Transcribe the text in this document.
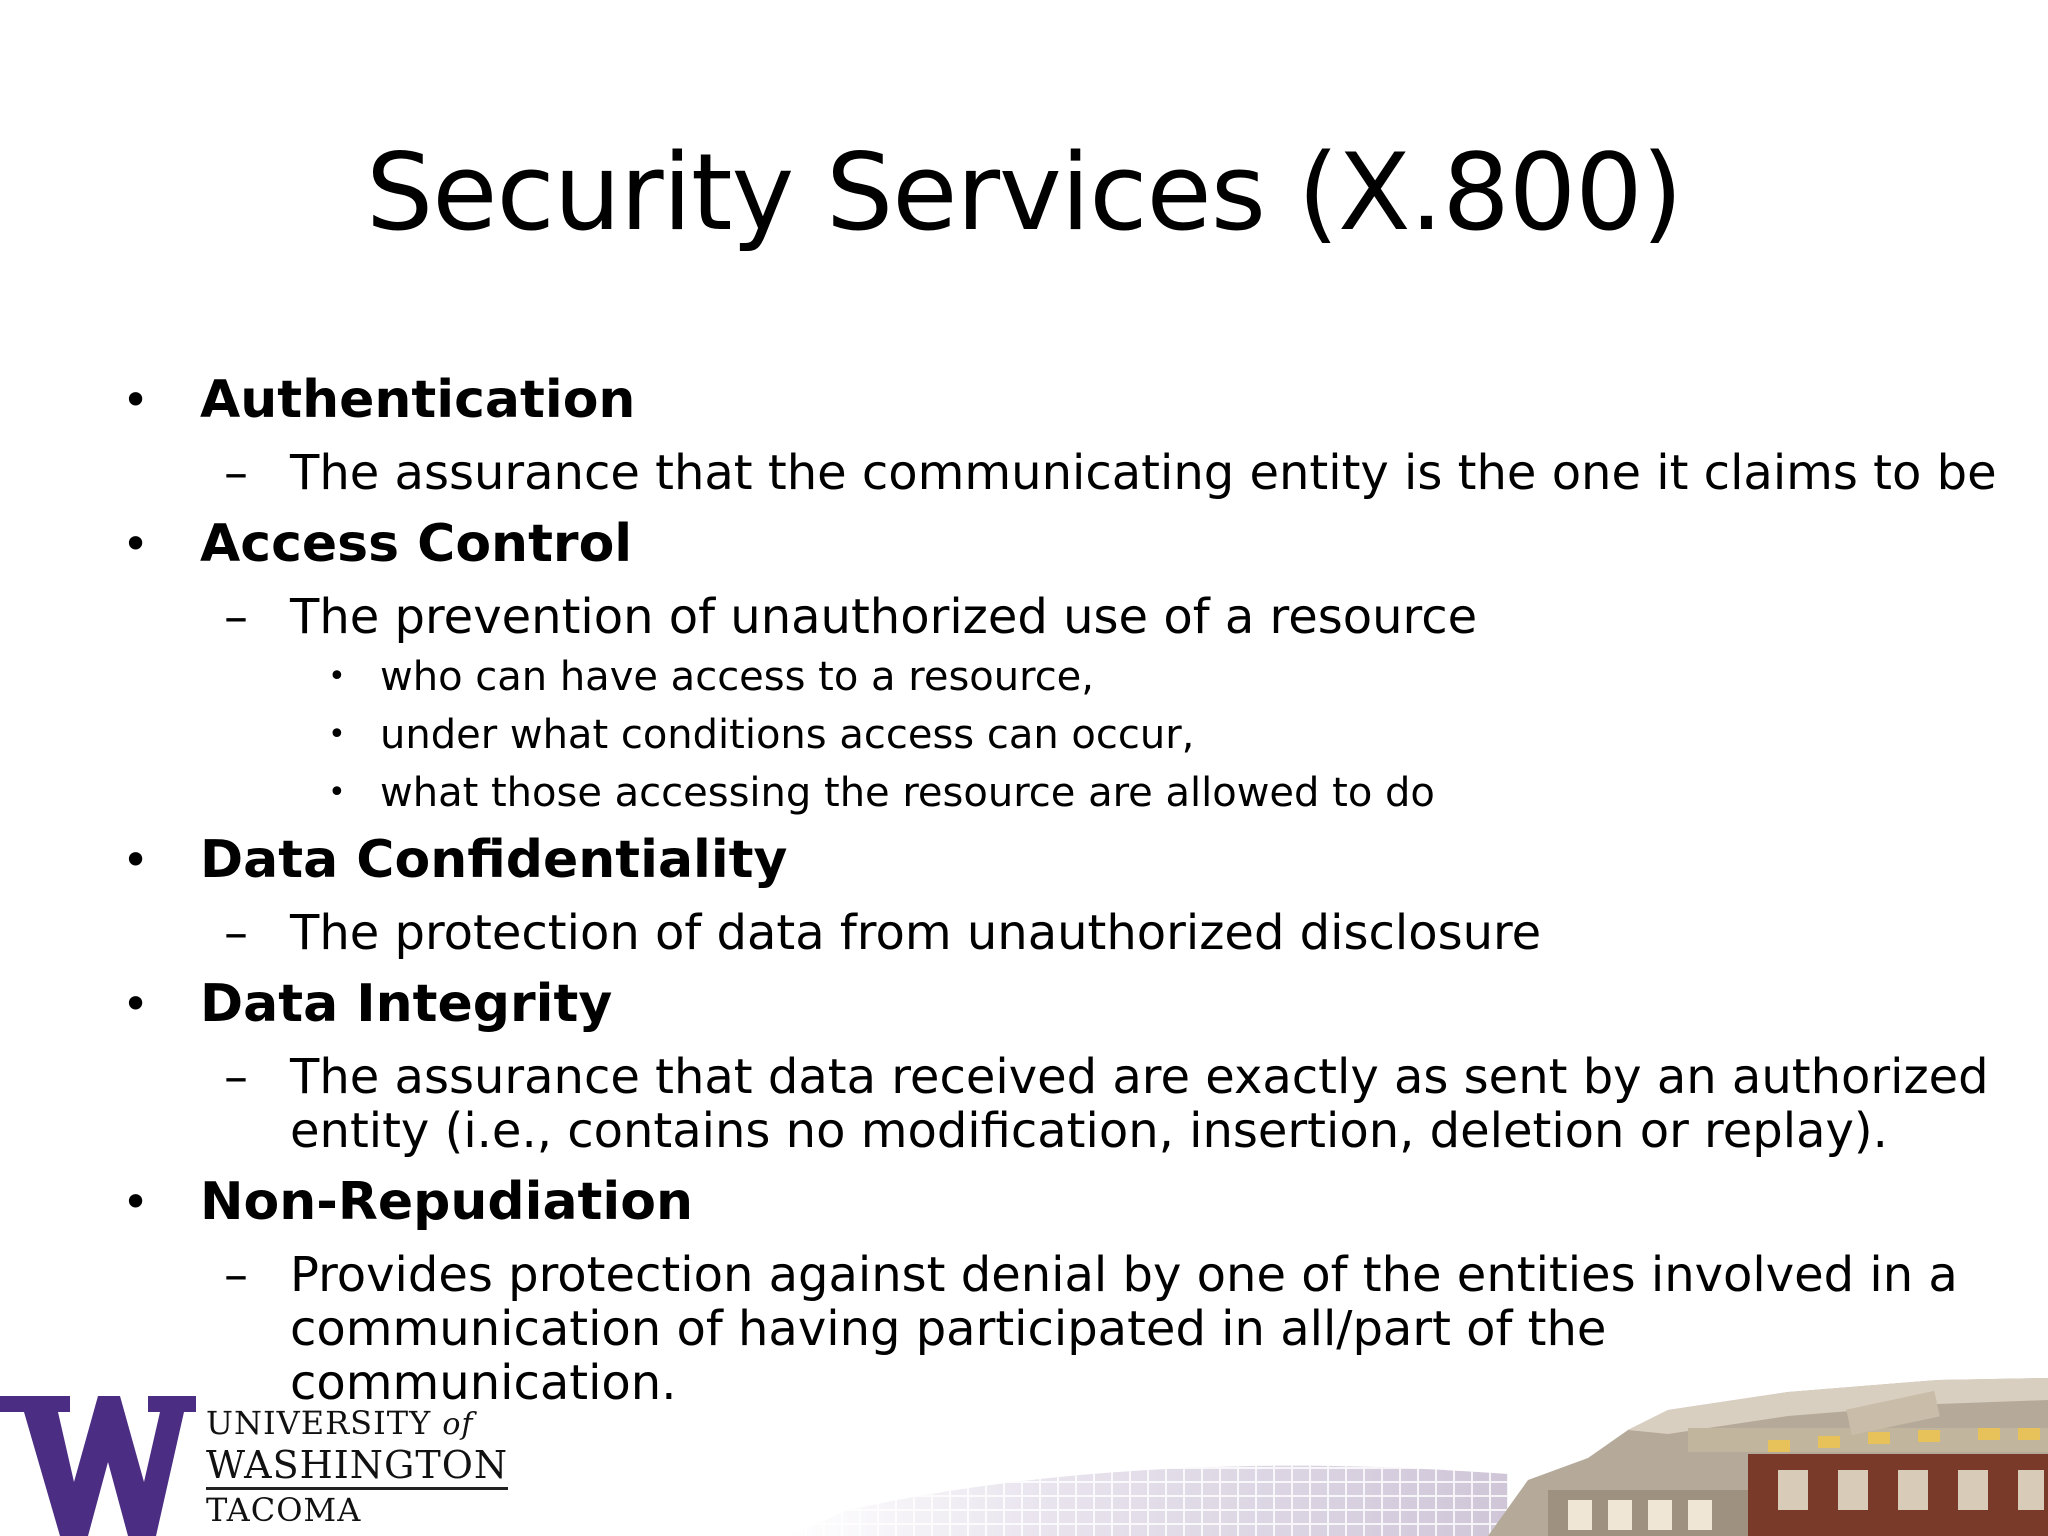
Security Services (X.800)
• Authentication
– The assurance that the communicating entity is the one it claims to be
• Access Control
– The prevention of unauthorized use of a resource
• who can have access to a resource,
• under what conditions access can occur,
• what those accessing the resource are allowed to do
• Data Confidentiality
– The protection of data from unauthorized disclosure
• Data Integrity
– The assurance that data received are exactly as sent by an authorized entity (i.e., contains no modification, insertion, deletion or replay).
• Non-Repudiation
– Provides protection against denial by one of the entities involved in a communication of having participated in all/part of the communication.
UNIVERSITY of
WASHINGTON
TACOMA
